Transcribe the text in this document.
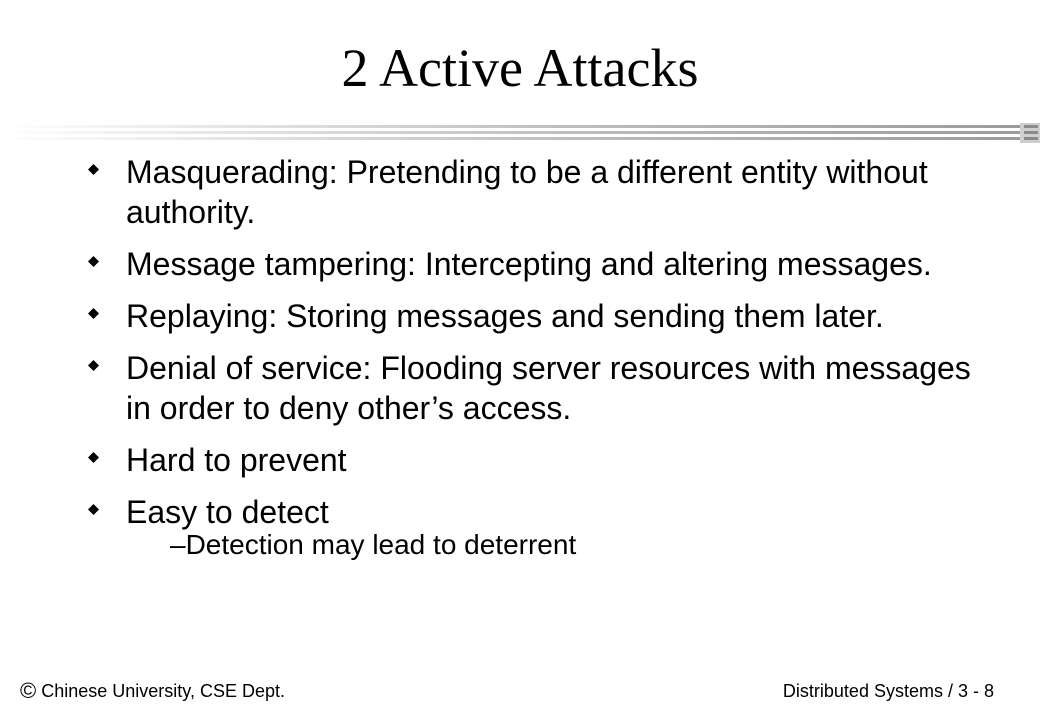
2 Active Attacks
Masquerading: Pretending to be a different entity without authority.
Message tampering: Intercepting and altering messages.
Replaying: Storing messages and sending them later.
Denial of service: Flooding server resources with messages in order to deny other’s access.
Hard to prevent
Easy to detect
–Detection may lead to deterrent
© Chinese University, CSE Dept.	Distributed Systems / 3 - 8
